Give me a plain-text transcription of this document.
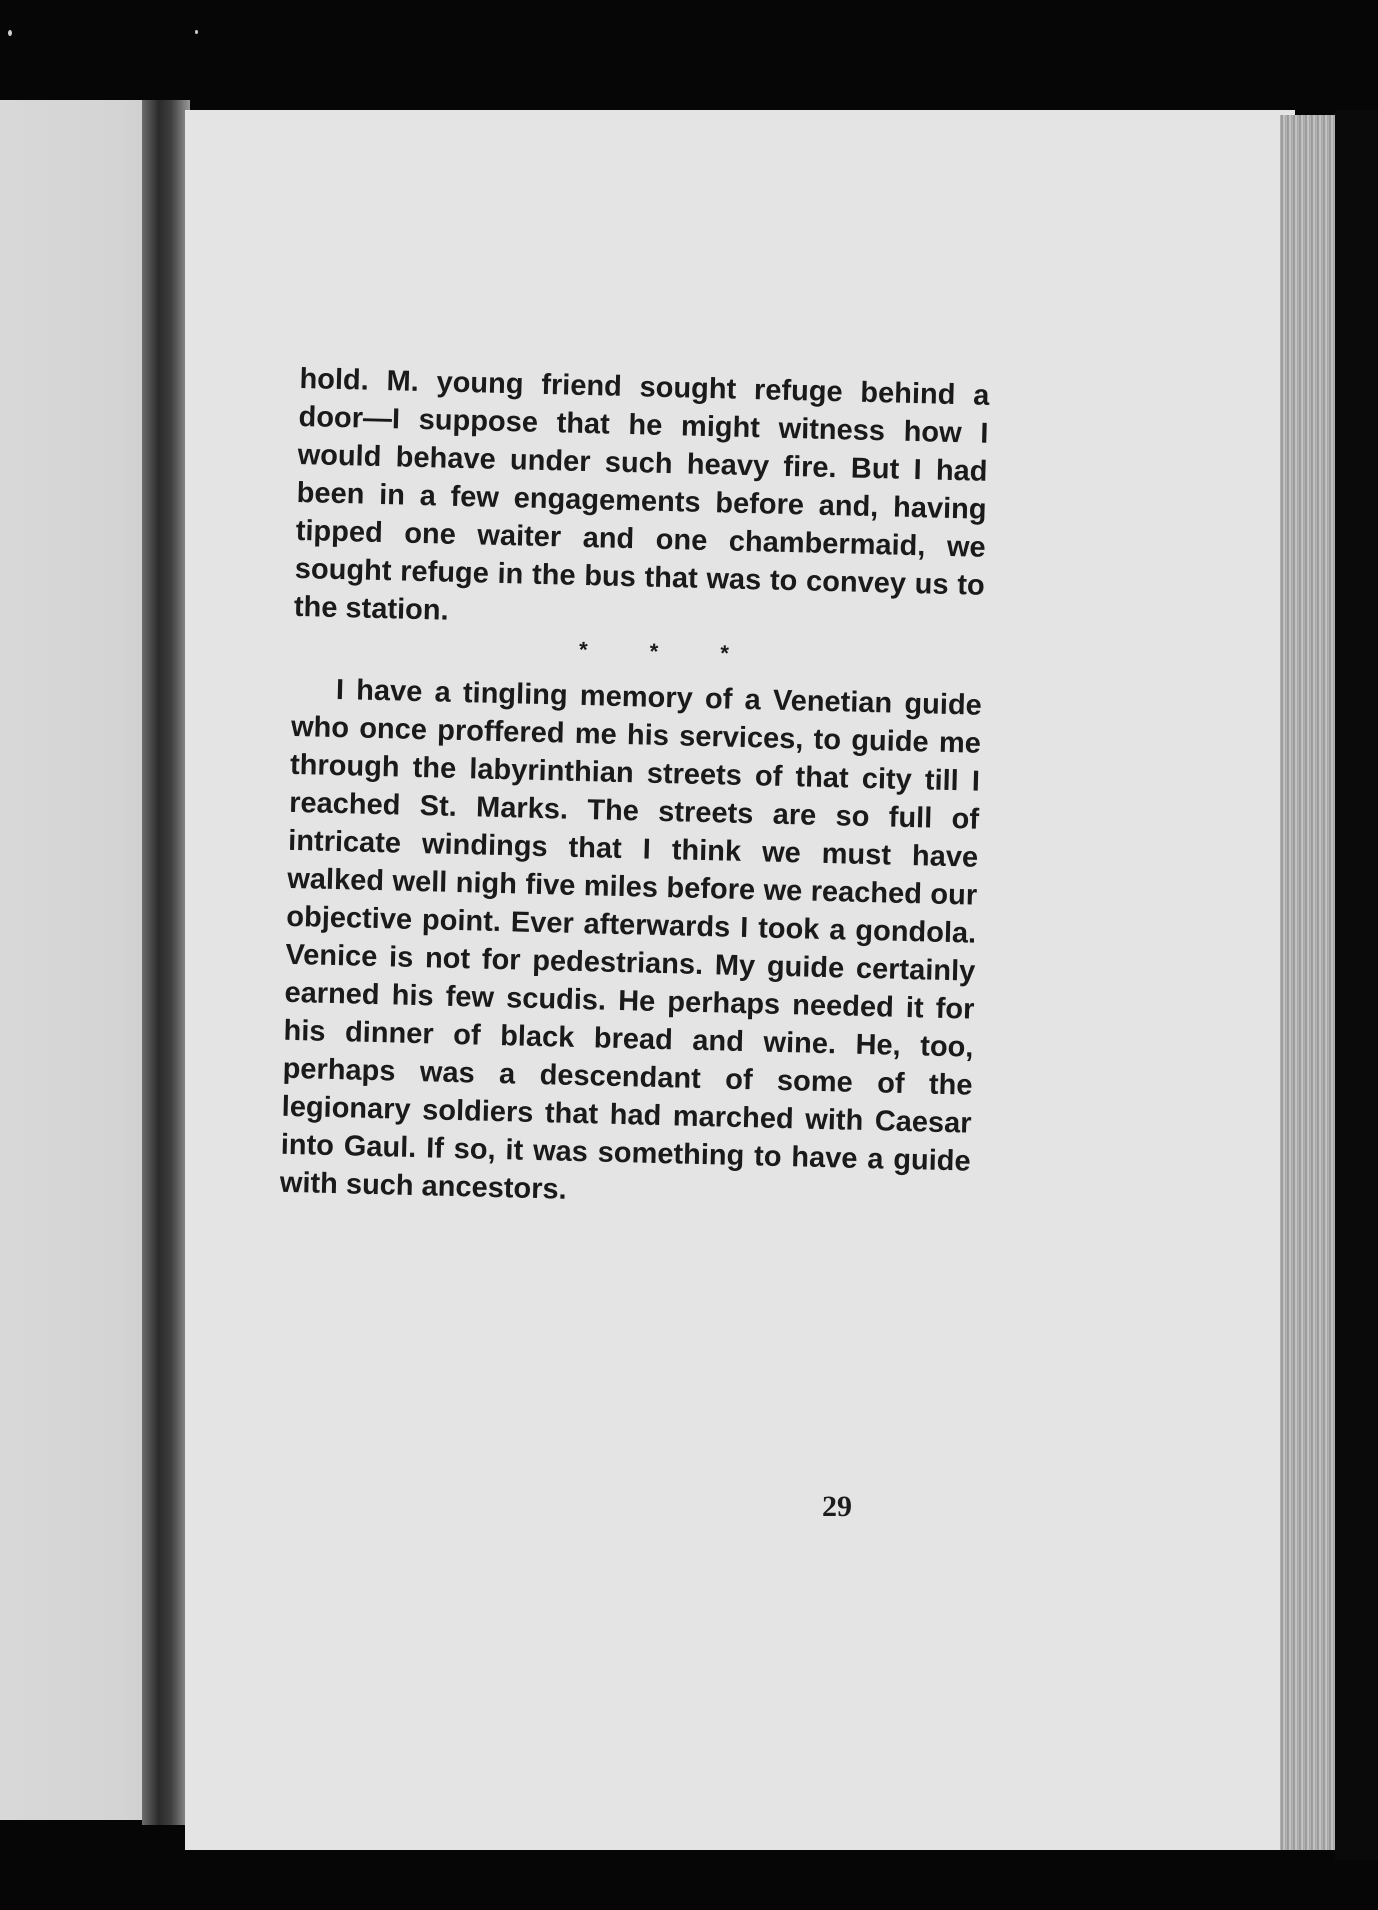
hold. M. young friend sought refuge behind a door—I suppose that he might witness how I would behave under such heavy fire. But I had been in a few engagements before and, having tipped one waiter and one chambermaid, we sought refuge in the bus that was to convey us to the station.

* * *

I have a tingling memory of a Venetian guide who once proffered me his services, to guide me through the labyrinthian streets of that city till I reached St. Marks. The streets are so full of intricate windings that I think we must have walked well nigh five miles before we reached our objective point. Ever afterwards I took a gondola. Venice is not for pedestrians. My guide certainly earned his few scudis. He perhaps needed it for his dinner of black bread and wine. He, too, perhaps was a descendant of some of the legionary soldiers that had marched with Caesar into Gaul. If so, it was something to have a guide with such ancestors.

29
